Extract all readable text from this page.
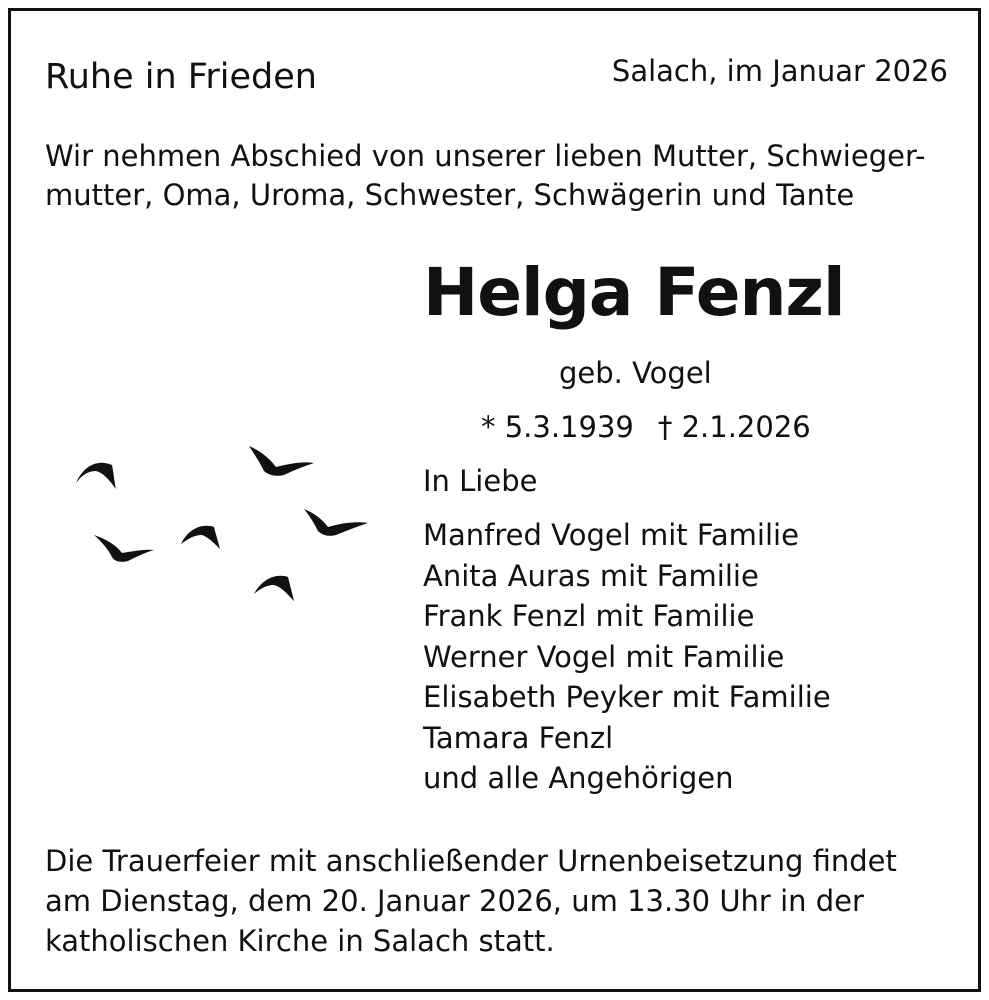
Ruhe in Frieden	Salach, im Januar 2026
Wir nehmen Abschied von unserer lieben Mutter, Schwieger-
mutter, Oma, Uroma, Schwester, Schwägerin und Tante
Helga Fenzl
geb. Vogel
* 5.3.1939 † 2.1.2026
In Liebe
Manfred Vogel mit Familie
Anita Auras mit Familie
Frank Fenzl mit Familie
Werner Vogel mit Familie
Elisabeth Peyker mit Familie
Tamara Fenzl
und alle Angehörigen
Die Trauerfeier mit anschließender Urnenbeisetzung findet
am Dienstag, dem 20. Januar 2026, um 13.30 Uhr in der
katholischen Kirche in Salach statt.
